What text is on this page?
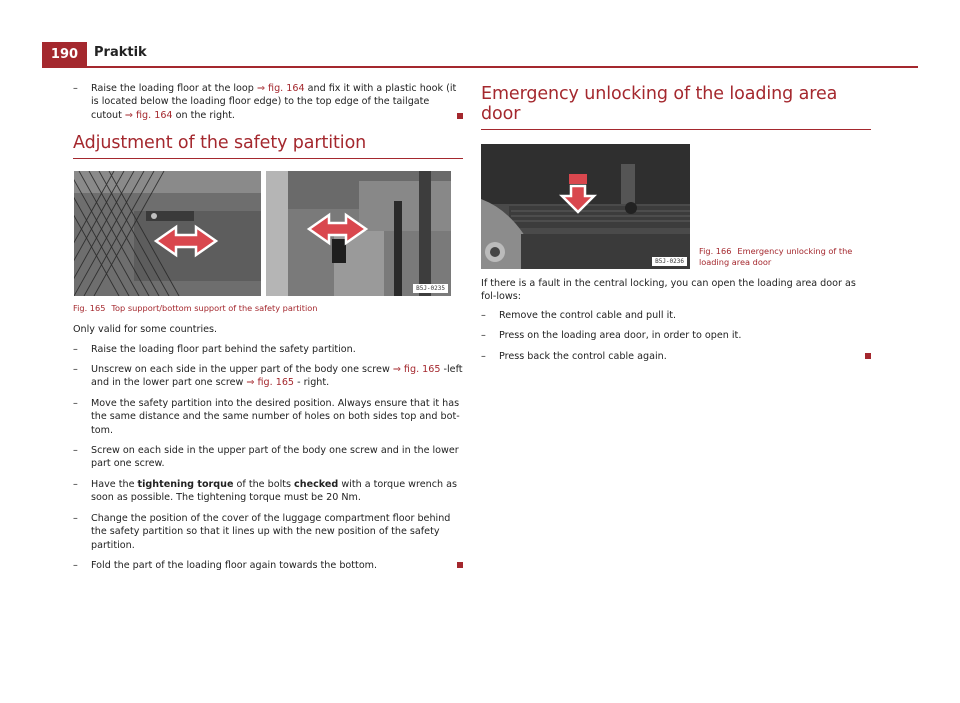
190	Praktik
– Raise the loading floor at the loop ⇒ fig. 164 and fix it with a plastic hook (it is located below the loading floor edge) to the top edge of the tailgate cutout ⇒ fig. 164 on the right.
Adjustment of the safety partition
B5J-0235
Fig. 165 Top support/bottom support of the safety partition

Only valid for some countries.

– Raise the loading floor part behind the safety partition.
– Unscrew on each side in the upper part of the body one screw ⇒ fig. 165 -left and in the lower part one screw ⇒ fig. 165 - right.
– Move the safety partition into the desired position. Always ensure that it has the same distance and the same number of holes on both sides top and bot-tom.
– Screw on each side in the upper part of the body one screw and in the lower part one screw.
– Have the tightening torque of the bolts checked with a torque wrench as soon as possible. The tightening torque must be 20 Nm.
– Change the position of the cover of the luggage compartment floor behind the safety partition so that it lines up with the new position of the safety partition.
– Fold the part of the loading floor again towards the bottom.
Emergency unlocking of the loading area door
B5J-0236
Fig. 166 Emergency unlocking of the loading area door

If there is a fault in the central locking, you can open the loading area door as fol-lows:

– Remove the control cable and pull it.
– Press on the loading area door, in order to open it.
– Press back the control cable again.
